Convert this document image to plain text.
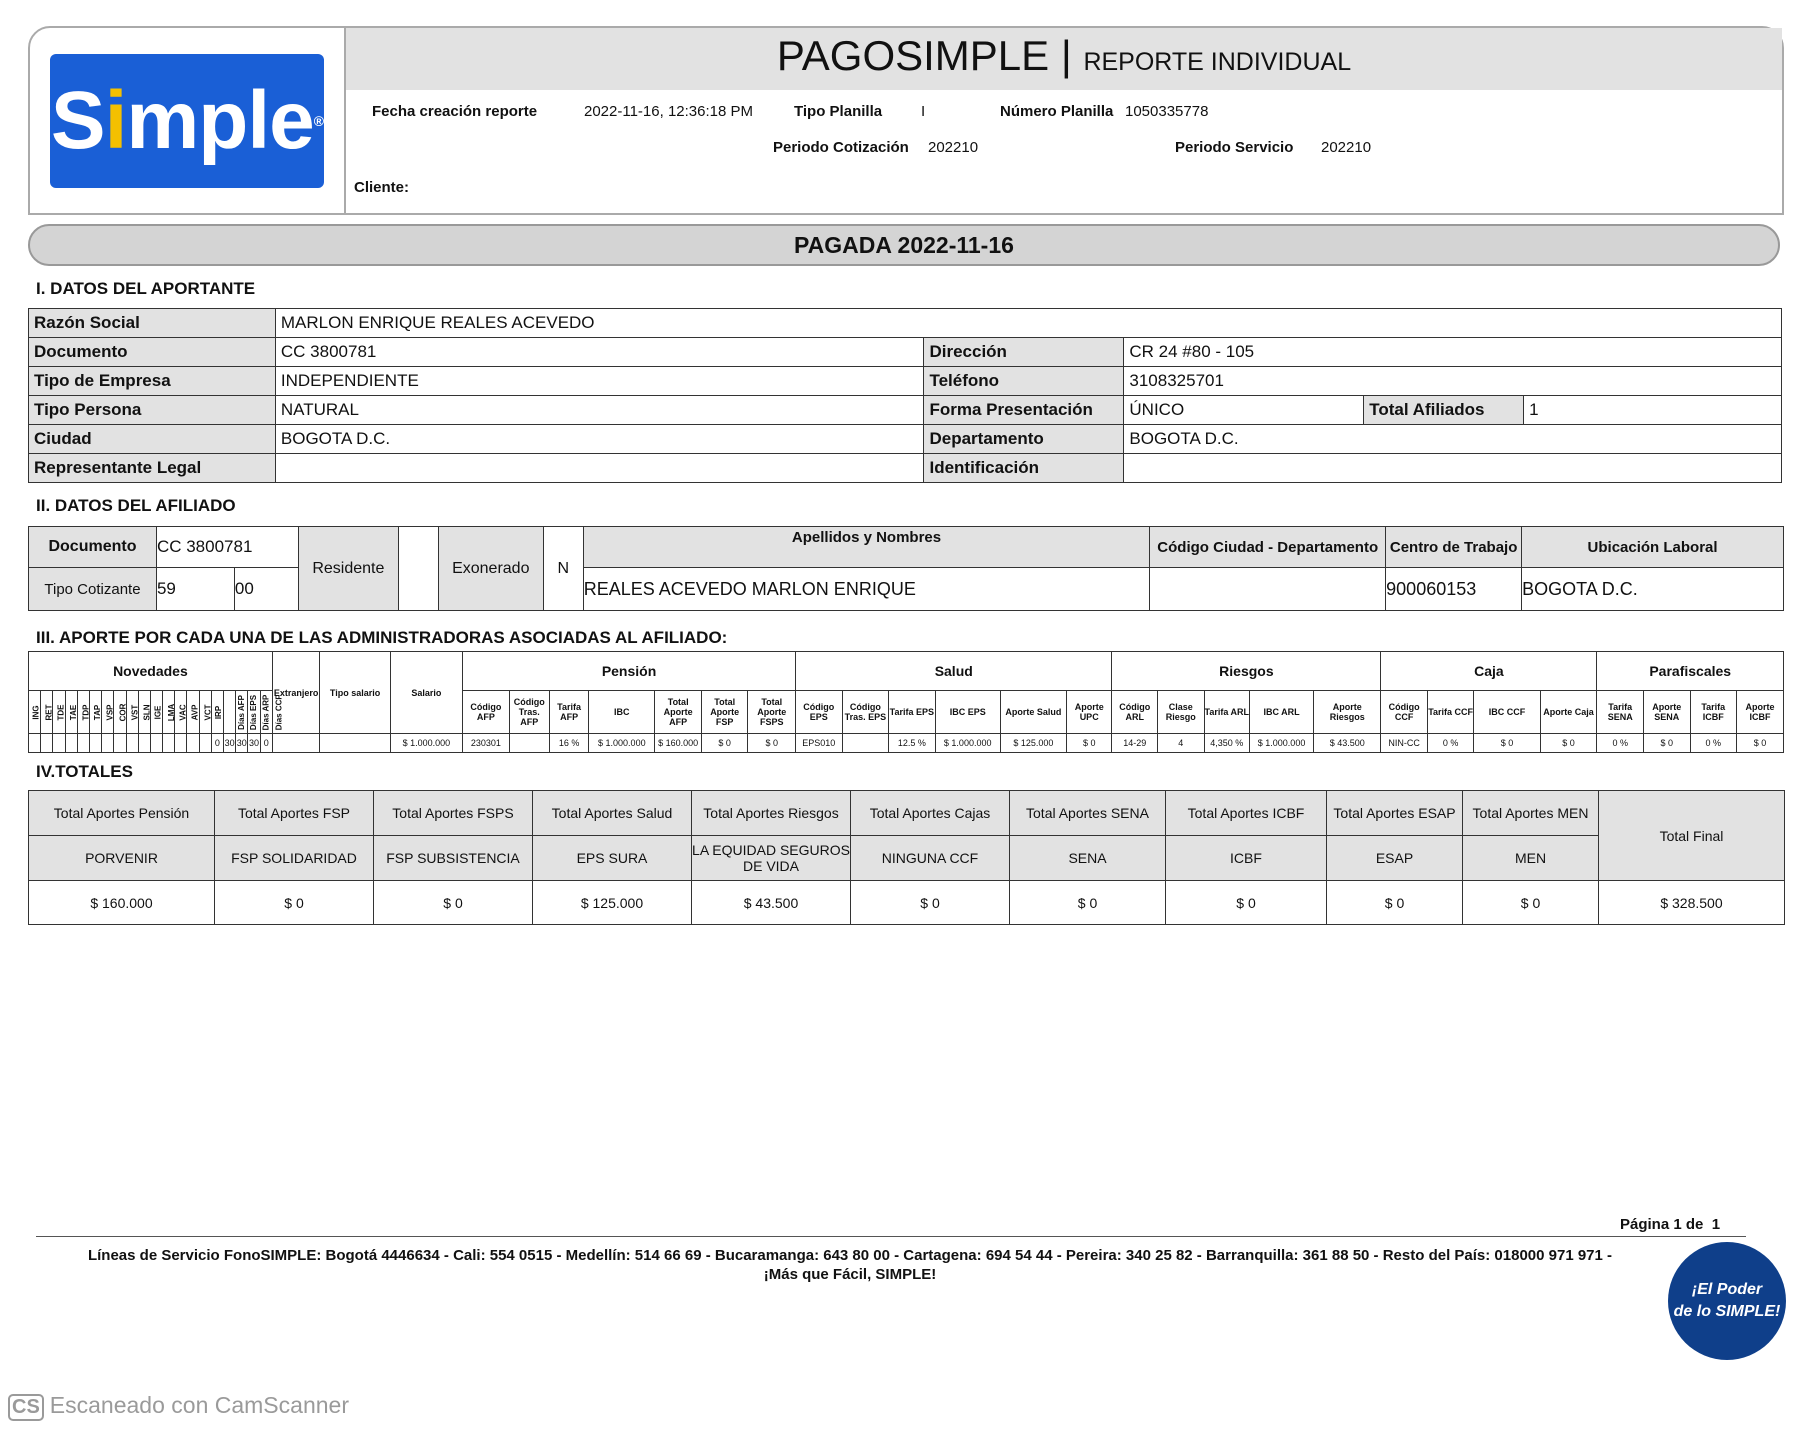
Simple®
PAGOSIMPLE | REPORTE INDIVIDUAL
Fecha creación reporte	2022-11-16, 12:36:18 PM	Tipo Planilla	I	Número Planilla 1050335778
Periodo Cotización 202210	Periodo Servicio 202210
Cliente:
PAGADA 2022-11-16
I. DATOS DEL APORTANTE
Razón Social	MARLON ENRIQUE REALES ACEVEDO				
Documento	CC 3800781	Dirección	CR 24 #80 - 105		
Tipo de Empresa	INDEPENDIENTE	Teléfono	3108325701		
Tipo Persona	NATURAL	Forma Presentación	ÚNICO	Total Afiliados	1
Ciudad	BOGOTA D.C.	Departamento	BOGOTA D.C.		
Representante Legal		Identificación			
II. DATOS DEL AFILIADO
Documento	CC 3800781		Residente		Exonerado	N	Apellidos y Nombres	Código Ciudad - Departamento	Centro de Trabajo	Ubicación Laboral
Tipo Cotizante	59	00					REALES ACEVEDO MARLON ENRIQUE		900060153	BOGOTA D.C.
III. APORTE POR CADA UNA DE LAS ADMINISTRADORAS ASOCIADAS AL AFILIADO:
Novedades																				Extranjero	Tipo salario	Salario	Pensión							Salud						Riesgos					Caja				Parafiscales			
ING	RET	TDE	TAE	TDP	TAP	VSP	COR	VST	SLN	IGE	LMA	VAC	AVP	VCT	IRP	Días AFP	Días EPS	Días ARP	Días CCF				Código AFP	Código Tras. AFP	Tarifa AFP	IBC	Total Aporte AFP	Total Aporte FSP	Total Aporte FSPS	Código EPS	Código Tras. EPS	Tarifa EPS	IBC EPS	Aporte Salud	Aporte UPC	Código ARL	Clase Riesgo	Tarifa ARL	IBC ARL	Aporte Riesgos	Código CCF	Tarifa CCF	IBC CCF	Aporte Caja	Tarifa SENA	Aporte SENA	Tarifa ICBF	Aporte ICBF
															0	30	30	30	0			$ 1.000.000	230301		16 %	$ 1.000.000	$ 160.000	$ 0	$ 0	EPS010		12.5 %	$ 1.000.000	$ 125.000	$ 0	14-29	4	4,350 %	$ 1.000.000	$ 43.500	NIN-CC	0 %	$ 0	$ 0	0 %	$ 0	0 %	$ 0
IV.TOTALES
Total Aportes Pensión	Total Aportes FSP	Total Aportes FSPS	Total Aportes Salud	Total Aportes Riesgos	Total Aportes Cajas	Total Aportes SENA	Total Aportes ICBF	Total Aportes ESAP	Total Aportes MEN	Total Final
PORVENIR	FSP SOLIDARIDAD	FSP SUBSISTENCIA	EPS SURA	LA EQUIDAD SEGUROS DE VIDA	NINGUNA CCF	SENA	ICBF	ESAP	MEN	
$ 160.000	$ 0	$ 0	$ 125.000	$ 43.500	$ 0	$ 0	$ 0	$ 0	$ 0	$ 328.500
Página 1 de 1
Líneas de Servicio FonoSIMPLE: Bogotá 4446634 - Cali: 554 0515 - Medellín: 514 66 69 - Bucaramanga: 643 80 00 - Cartagena: 694 54 44 - Pereira: 340 25 82 - Barranquilla: 361 88 50 - Resto del País: 018000 971 971 -
¡Más que Fácil, SIMPLE!
¡El Poder
de lo SIMPLE!
CS Escaneado con CamScanner
